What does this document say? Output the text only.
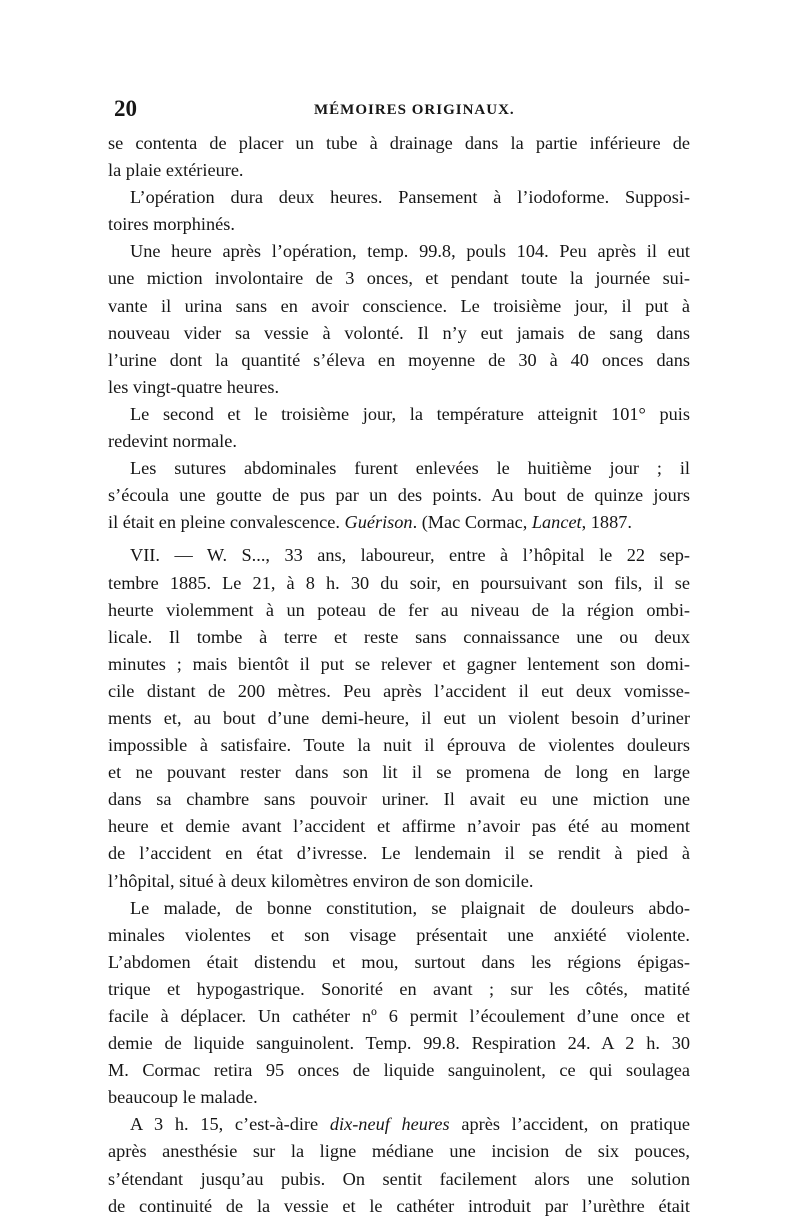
20	MÉMOIRES ORIGINAUX.
se contenta de placer un tube à drainage dans la partie inférieure de
la plaie extérieure.
L’opération dura deux heures. Pansement à l’iodoforme. Supposi-
toires morphinés.
Une heure après l’opération, temp. 99.8, pouls 104. Peu après il eut
une miction involontaire de 3 onces, et pendant toute la journée sui-
vante il urina sans en avoir conscience. Le troisième jour, il put à
nouveau vider sa vessie à volonté. Il n’y eut jamais de sang dans
l’urine dont la quantité s’éleva en moyenne de 30 à 40 onces dans
les vingt-quatre heures.
Le second et le troisième jour, la température atteignit 101° puis
redevint normale.
Les sutures abdominales furent enlevées le huitième jour ; il
s’écoula une goutte de pus par un des points. Au bout de quinze jours
il était en pleine convalescence. Guérison. (Mac Cormac, Lancet, 1887.
VII. — W. S..., 33 ans, laboureur, entre à l’hôpital le 22 sep-
tembre 1885. Le 21, à 8 h. 30 du soir, en poursuivant son fils, il se
heurte violemment à un poteau de fer au niveau de la région ombi-
licale. Il tombe à terre et reste sans connaissance une ou deux
minutes ; mais bientôt il put se relever et gagner lentement son domi-
cile distant de 200 mètres. Peu après l’accident il eut deux vomisse-
ments et, au bout d’une demi-heure, il eut un violent besoin d’uriner
impossible à satisfaire. Toute la nuit il éprouva de violentes douleurs
et ne pouvant rester dans son lit il se promena de long en large
dans sa chambre sans pouvoir uriner. Il avait eu une miction une
heure et demie avant l’accident et affirme n’avoir pas été au moment
de l’accident en état d’ivresse. Le lendemain il se rendit à pied à
l’hôpital, situé à deux kilomètres environ de son domicile.
Le malade, de bonne constitution, se plaignait de douleurs abdo-
minales violentes et son visage présentait une anxiété violente.
L’abdomen était distendu et mou, surtout dans les régions épigas-
trique et hypogastrique. Sonorité en avant ; sur les côtés, matité
facile à déplacer. Un cathéter nº 6 permit l’écoulement d’une once et
demie de liquide sanguinolent. Temp. 99.8. Respiration 24. A 2 h. 30
M. Cormac retira 95 onces de liquide sanguinolent, ce qui soulagea
beaucoup le malade.
A 3 h. 15, c’est-à-dire dix-neuf heures après l’accident, on pratique
après anesthésie sur la ligne médiane une incision de six pouces,
s’étendant jusqu’au pubis. On sentit facilement alors une solution
de continuité de la vessie et le cathéter introduit par l’urèthre était
